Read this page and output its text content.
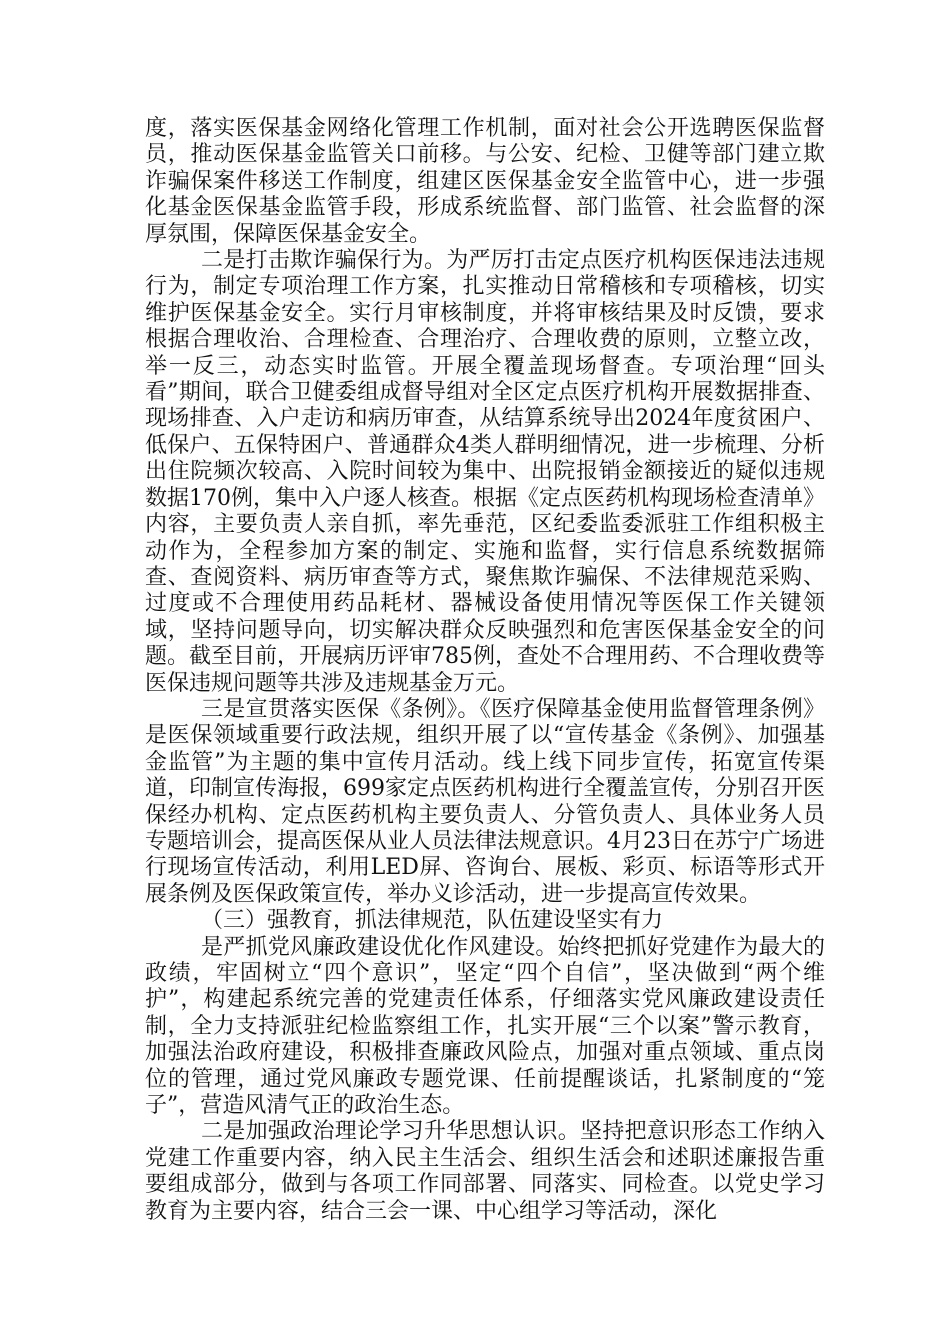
度，落实医保基金网络化管理工作机制，面对社会公开选聘医保监督员，推动医保基金监管关口前移。与公安、纪检、卫健等部门建立欺诈骗保案件移送工作制度，组建区医保基金安全监管中心，进一步强化基金医保基金监管手段，形成系统监督、部门监管、社会监督的深厚氛围，保障医保基金安全。

二是打击欺诈骗保行为。为严厉打击定点医疗机构医保违法违规行为，制定专项治理工作方案，扎实推动日常稽核和专项稽核，切实维护医保基金安全。实行月审核制度，并将审核结果及时反馈，要求根据合理收治、合理检查、合理治疗、合理收费的原则，立整立改，举一反三，动态实时监管。开展全覆盖现场督查。专项治理“回头看”期间，联合卫健委组成督导组对全区定点医疗机构开展数据排查、现场排查、入户走访和病历审查，从结算系统导出2024年度贫困户、低保户、五保特困户、普通群众4类人群明细情况，进一步梳理、分析出住院频次较高、入院时间较为集中、出院报销金额接近的疑似违规数据170例，集中入户逐人核查。根据《定点医药机构现场检查清单》内容，主要负责人亲自抓，率先垂范，区纪委监委派驻工作组积极主动作为，全程参加方案的制定、实施和监督，实行信息系统数据筛查、查阅资料、病历审查等方式，聚焦欺诈骗保、不法律规范采购、过度或不合理使用药品耗材、器械设备使用情况等医保工作关键领域，坚持问题导向，切实解决群众反映强烈和危害医保基金安全的问题。截至目前，开展病历评审785例，查处不合理用药、不合理收费等医保违规问题等共涉及违规基金万元。

三是宣贯落实医保《条例》。《医疗保障基金使用监督管理条例》是医保领域重要行政法规，组织开展了以“宣传基金《条例》、加强基金监管”为主题的集中宣传月活动。线上线下同步宣传，拓宽宣传渠道，印制宣传海报，699家定点医药机构进行全覆盖宣传，分别召开医保经办机构、定点医药机构主要负责人、分管负责人、具体业务人员专题培训会，提高医保从业人员法律法规意识。4月23日在苏宁广场进行现场宣传活动，利用LED屏、咨询台、展板、彩页、标语等形式开展条例及医保政策宣传，举办义诊活动，进一步提高宣传效果。

（三）强教育，抓法律规范，队伍建设坚实有力

是严抓党风廉政建设优化作风建设。始终把抓好党建作为最大的政绩，牢固树立“四个意识”，坚定“四个自信”，坚决做到“两个维护”，构建起系统完善的党建责任体系，仔细落实党风廉政建设责任制，全力支持派驻纪检监察组工作，扎实开展“三个以案”警示教育，加强法治政府建设，积极排查廉政风险点，加强对重点领域、重点岗位的管理，通过党风廉政专题党课、任前提醒谈话，扎紧制度的“笼子”，营造风清气正的政治生态。

二是加强政治理论学习升华思想认识。坚持把意识形态工作纳入党建工作重要内容，纳入民主生活会、组织生活会和述职述廉报告重要组成部分，做到与各项工作同部署、同落实、同检查。以党史学习教育为主要内容，结合三会一课、中心组学习等活动，深化
